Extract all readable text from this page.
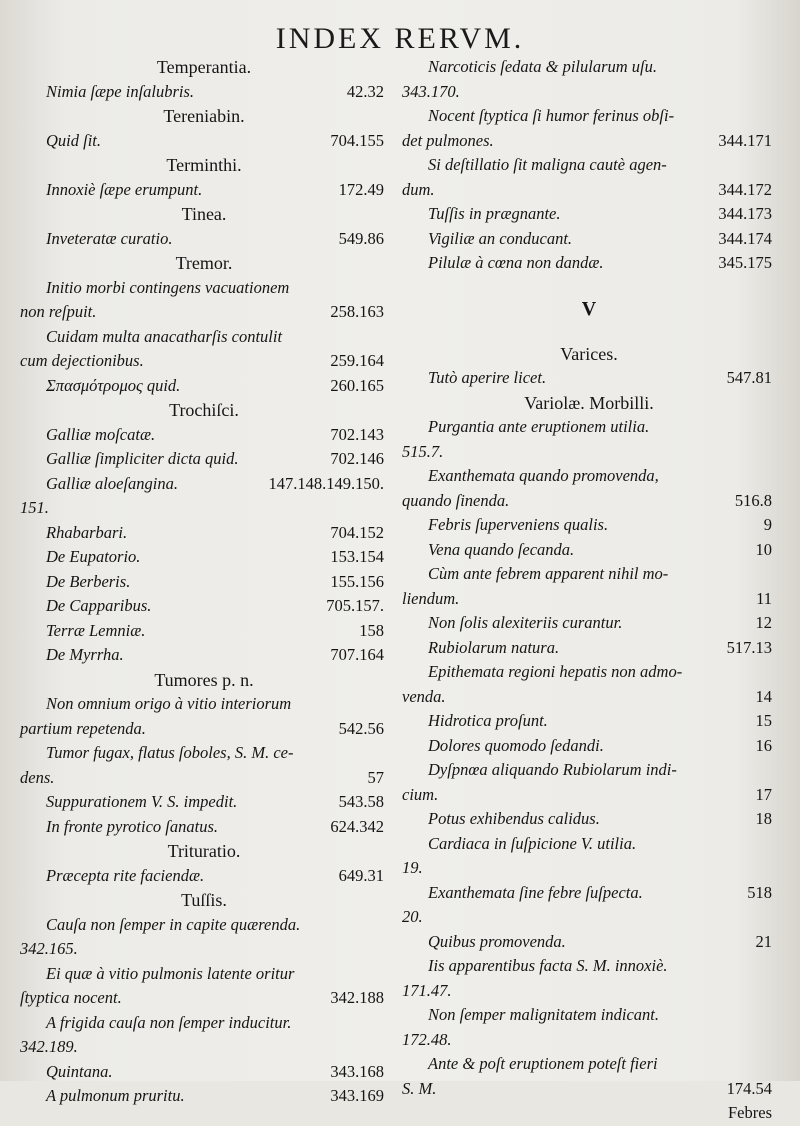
INDEX RERVM.
Temperantia.
Nimia ſæpe inſalubris.	42.32
Tereniabin.
Quid ſit.	704.155
Terminthi.
Innoxiè ſæpe erumpunt.	172.49
Tinea.
Inveteratæ curatio.	549.86
Tremor.
Initio morbi contingens vacuationem
non reſpuit.	258.163
Cuidam multa anacatharſis contulit
cum dejectionibus.	259.164
Σπασμότρομος quid.	260.165
Trochiſci.
Galliæ moſcatæ.	702.143
Galliæ ſimpliciter dicta quid.	702.146
Galliæ aloeſangina.	147.148.149.150.
151.
Rhabarbari.	704.152
De Eupatorio.	153.154
De Berberis.	155.156
De Capparibus.	705.157.
Terræ Lemniæ.	158
De Myrrha.	707.164
Tumores p. n.
Non omnium origo à vitio interiorum
partium repetenda.	542.56
Tumor fugax, flatus ſoboles, S. M. ce-
dens.	57
Suppurationem V. S. impedit.	543.58
In fronte pyrotico ſanatus.	624.342
Trituratio.
Præcepta rite faciendæ.	649.31
Tuſſis.
Cauſa non ſemper in capite quærenda.
342.165.
Ei quæ à vitio pulmonis latente oritur
ſtyptica nocent.	342.188
A frigida cauſa non ſemper inducitur.
342.189.
Quintana.	343.168
A pulmonum pruritu.	343.169
Narcoticis ſedata & pilularum uſu.
343.170.
Nocent ſtyptica ſi humor ferinus obſi-
det pulmones.	344.171
Si deſtillatio ſit maligna cautè agen-
dum.	344.172
Tuſſis in prægnante.	344.173
Vigiliæ an conducant.	344.174
Pilulæ à cœna non dandæ.	345.175
V
Varices.
Tutò aperire licet.	547.81
Variolæ. Morbilli.
Purgantia ante eruptionem utilia.
515.7.
Exanthemata quando promovenda,
quando ſinenda.	516.8
Febris ſuperveniens qualis.	9
Vena quando ſecanda.	10
Cùm ante febrem apparent nihil mo-
liendum.	11
Non ſolis alexiteriis curantur.	12
Rubiolarum natura.	517.13
Epithemata regioni hepatis non admo-
venda.	14
Hidrotica proſunt.	15
Dolores quomodo ſedandi.	16
Dyſpnœa aliquando Rubiolarum indi-
cium.	17
Potus exhibendus calidus.	18
Cardiaca in ſuſpicione V. utilia.
19.
Exanthemata ſine febre ſuſpecta.	518
20.
Quibus promovenda.	21
Iis apparentibus facta S. M. innoxiè.
171.47.
Non ſemper malignitatem indicant.
172.48.
Ante & poſt eruptionem poteſt fieri
S. M.	174.54
Febres
